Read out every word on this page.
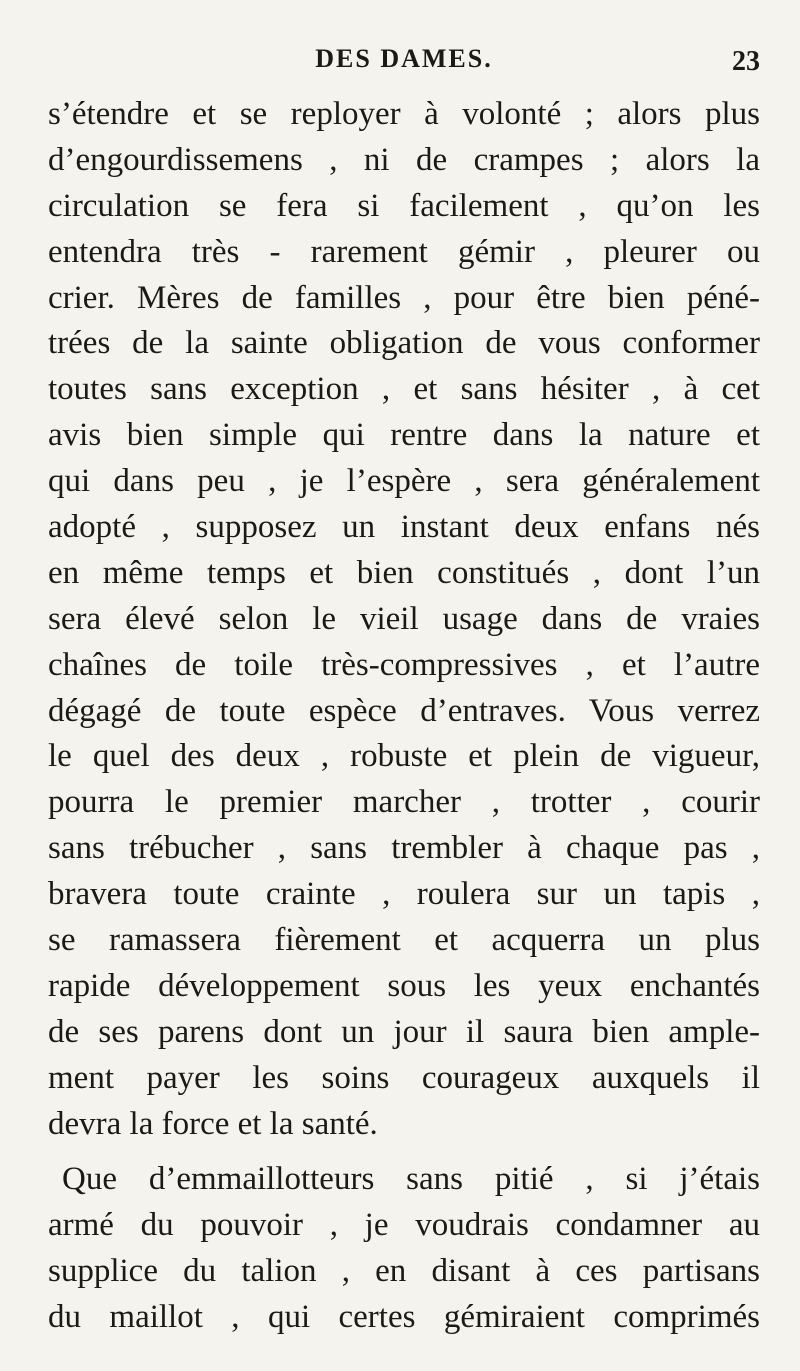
DES DAMES.	23
s’étendre et se reployer à volonté ; alors plus
d’engourdissemens , ni de crampes ; alors la
circulation se fera si facilement , qu’on les
entendra très - rarement gémir , pleurer ou
crier. Mères de familles , pour être bien péné-
trées de la sainte obligation de vous conformer
toutes sans exception , et sans hésiter , à cet
avis bien simple qui rentre dans la nature et
qui dans peu , je l’espère , sera généralement
adopté , supposez un instant deux enfans nés
en même temps et bien constitués , dont l’un
sera élevé selon le vieil usage dans de vraies
chaînes de toile très-compressives , et l’autre
dégagé de toute espèce d’entraves. Vous verrez
le quel des deux , robuste et plein de vigueur,
pourra le premier marcher , trotter , courir
sans trébucher , sans trembler à chaque pas ,
bravera toute crainte , roulera sur un tapis ,
se ramassera fièrement et acquerra un plus
rapide développement sous les yeux enchantés
de ses parens dont un jour il saura bien ample-
ment payer les soins courageux auxquels il
devra la force et la santé.
Que d’emmaillotteurs sans pitié , si j’étais
armé du pouvoir , je voudrais condamner au
supplice du talion , en disant à ces partisans
du maillot , qui certes gémiraient comprimés
